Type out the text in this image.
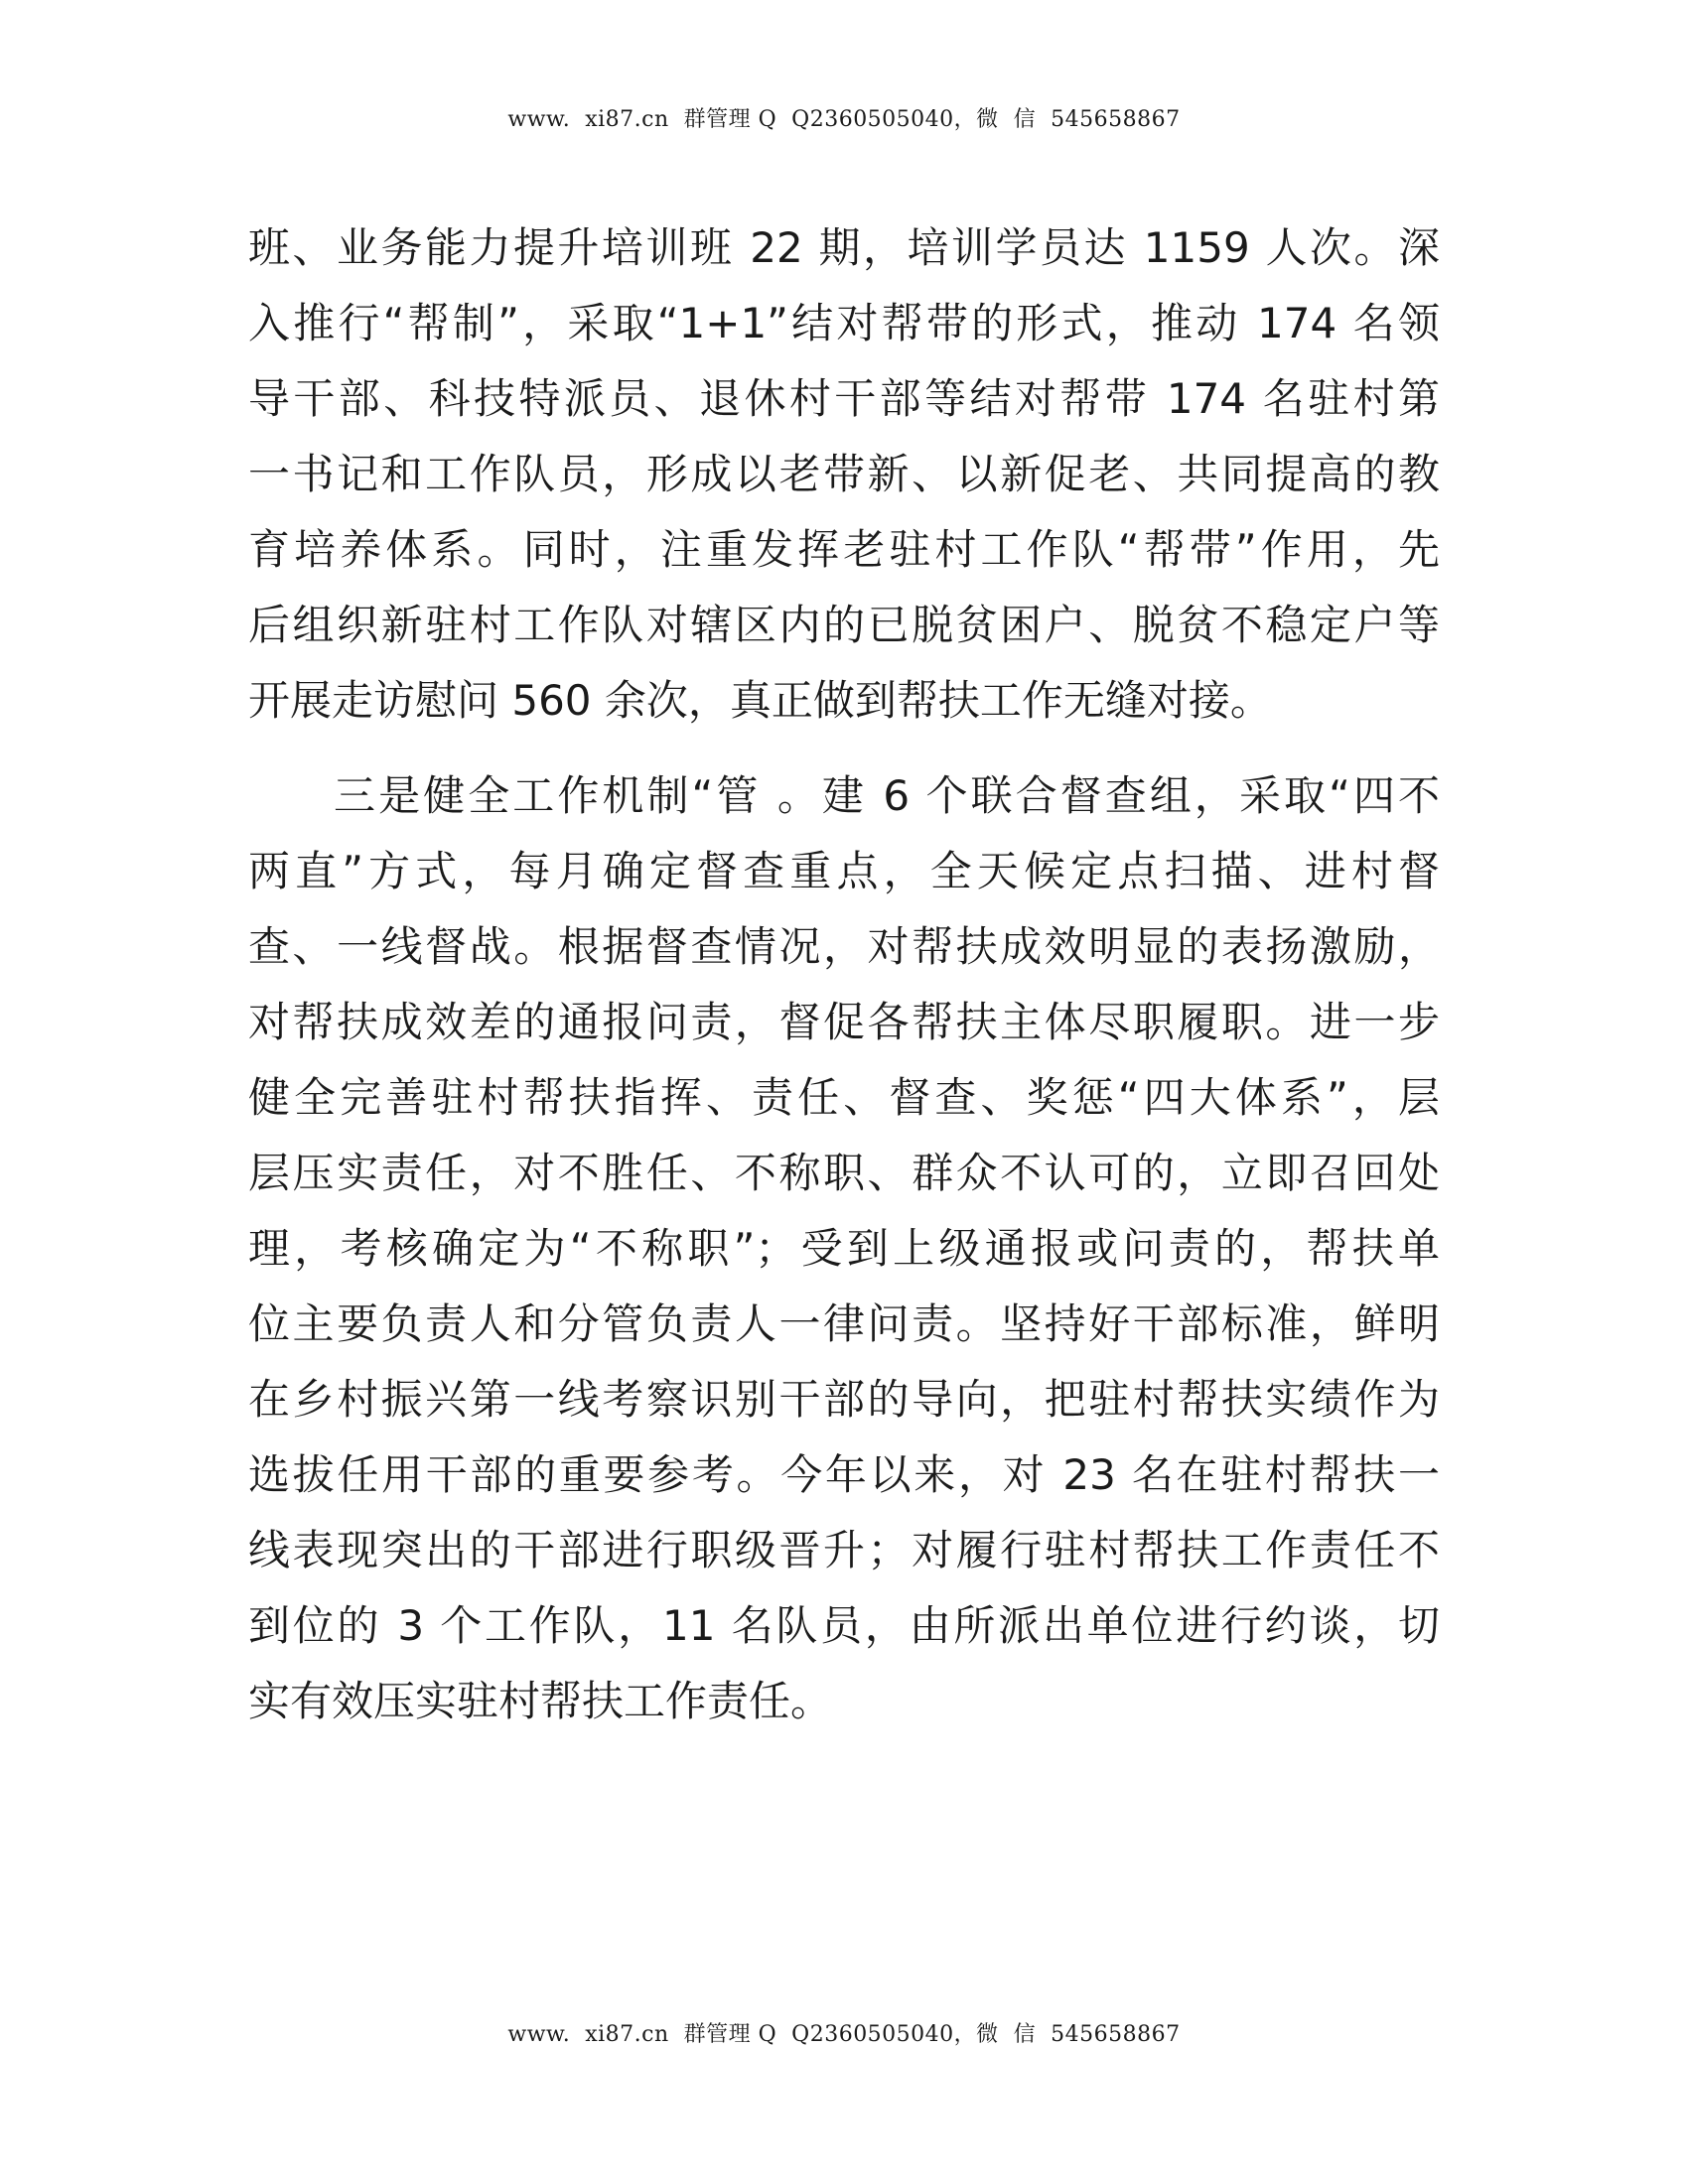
www.  xi87.cn  群管理 Q  Q2360505040，微  信  545658867
班、业务能力提升培训班 22 期，培训学员达 1159 人次。深
入推行“帮制”，采取“1+1”结对帮带的形式，推动 174 名领
导干部、科技特派员、退休村干部等结对帮带 174 名驻村第
一书记和工作队员，形成以老带新、以新促老、共同提高的教
育培养体系。同时，注重发挥老驻村工作队“帮带”作用，先
后组织新驻村工作队对辖区内的已脱贫困户、脱贫不稳定户等
开展走访慰问 560 余次，真正做到帮扶工作无缝对接。
三是健全工作机制“管 。建 6 个联合督查组，采取“四不
两直”方式，每月确定督查重点，全天候定点扫描、进村督
查、一线督战。根据督查情况，对帮扶成效明显的表扬激励，
对帮扶成效差的通报问责，督促各帮扶主体尽职履职。进一步
健全完善驻村帮扶指挥、责任、督查、奖惩“四大体系”，层
层压实责任，对不胜任、不称职、群众不认可的，立即召回处
理，考核确定为“不称职”；受到上级通报或问责的，帮扶单
位主要负责人和分管负责人一律问责。坚持好干部标准，鲜明
在乡村振兴第一线考察识别干部的导向，把驻村帮扶实绩作为
选拔任用干部的重要参考。今年以来，对 23 名在驻村帮扶一
线表现突出的干部进行职级晋升；对履行驻村帮扶工作责任不
到位的 3 个工作队，11 名队员，由所派出单位进行约谈，切
实有效压实驻村帮扶工作责任。
www.  xi87.cn  群管理 Q  Q2360505040，微  信  545658867
